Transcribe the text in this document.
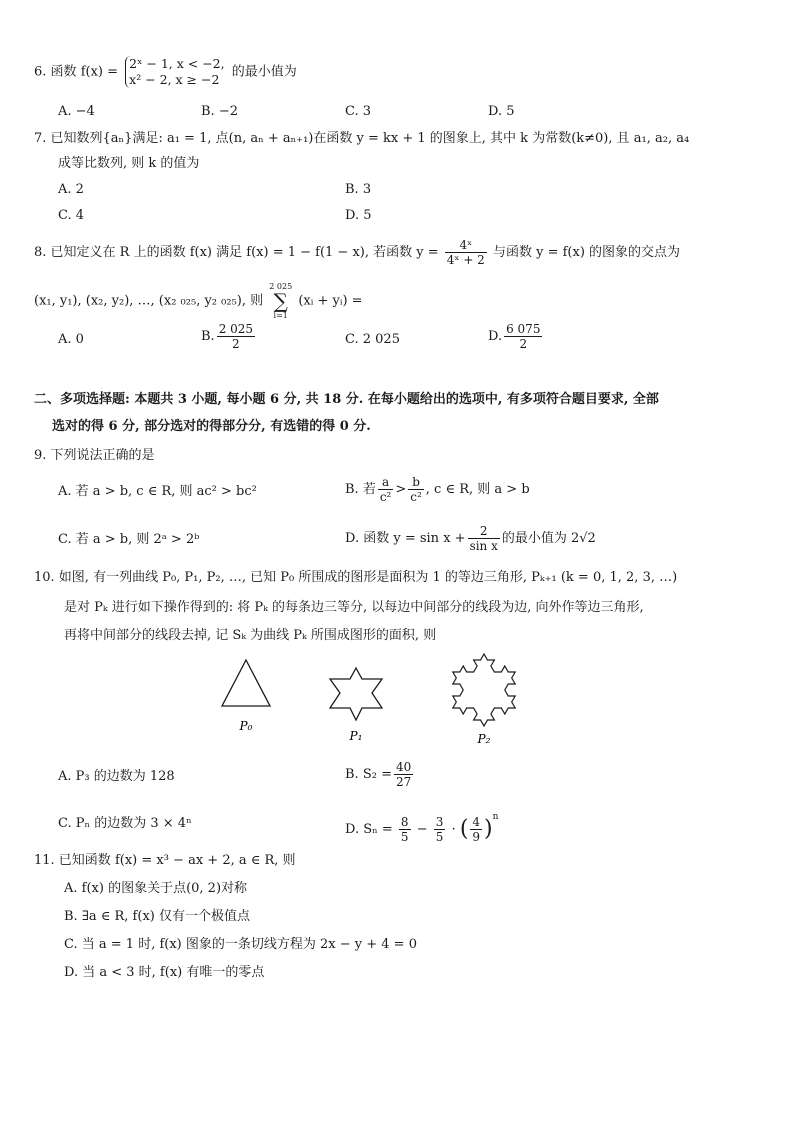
6. 函数 f(x) =
2ˣ − 1, x < −2,
x² − 2, x ≥ −2 的最小值为
A. −4	B. −2	C. 3	D. 5
7. 已知数列{aₙ}满足: a₁ = 1, 点(n, aₙ + aₙ₊₁)在函数 y = kx + 1 的图象上, 其中 k 为常数(k≠0), 且 a₁, a₂, a₄
成等比数列, 则 k 的值为
A. 2	B. 3
C. 4	D. 5
8. 已知定义在 R 上的函数 f(x) 满足 f(x) = 1 − f(1 − x), 若函数 $y = \frac{\text{4ˣ}}{\text{4ˣ + 2}}$ 与函数 y = f(x) 的图象的交点为
(x₁, y₁), (x₂, y₂), …, (x₂ ₀₂₅, y₂ ₀₂₅), 则
2 025
∑
i=1
(xᵢ + yᵢ) =
A. 0	B. $\frac{2 025}{2}$	C. 2 025	D. $\frac{6 075}{2}$
二、多项选择题: 本题共 3 小题, 每小题 6 分, 共 18 分. 在每小题给出的选项中, 有多项符合题目要求, 全部
选对的得 6 分, 部分选对的得部分分, 有选错的得 0 分.
9. 下列说法正确的是
A. 若 a > b, c ∈ R, 则 ac² > bc²	B. 若 $\frac{a}{\text{c²}} > \frac{b}{\text{c²}}$ , c ∈ R, 则 a > b
C. 若 a > b, 则 2ᵃ > 2ᵇ	D. 函数 $y = \sin x + \frac{2}{\text{sin x}}$ 的最小值为 2√2
10. 如图, 有一列曲线 P₀, P₁, P₂, …, 已知 P₀ 所围成的图形是面积为 1 的等边三角形, Pₖ₊₁ (k = 0, 1, 2, 3, …)
是对 Pₖ 进行如下操作得到的: 将 Pₖ 的每条边三等分, 以每边中间部分的线段为边, 向外作等边三角形,
再将中间部分的线段去掉, 记 Sₖ 为曲线 Pₖ 所围成图形的面积, 则
P₀
P₁	P₂
A. P₃ 的边数为 128	B. $S_2 = \frac{40}{27}$
C. Pₙ 的边数为 3 × 4ⁿ	D. $S_n = \frac{8}{5} - \frac{3}{5}$ · ( $\frac{4}{9} )^n$
11. 已知函数 f(x) = x³ − ax + 2, a ∈ R, 则
A. f(x) 的图象关于点(0, 2)对称
B. ∃a ∈ R, f(x) 仅有一个极值点
C. 当 a = 1 时, f(x) 图象的一条切线方程为 2x − y + 4 = 0
D. 当 a < 3 时, f(x) 有唯一的零点
